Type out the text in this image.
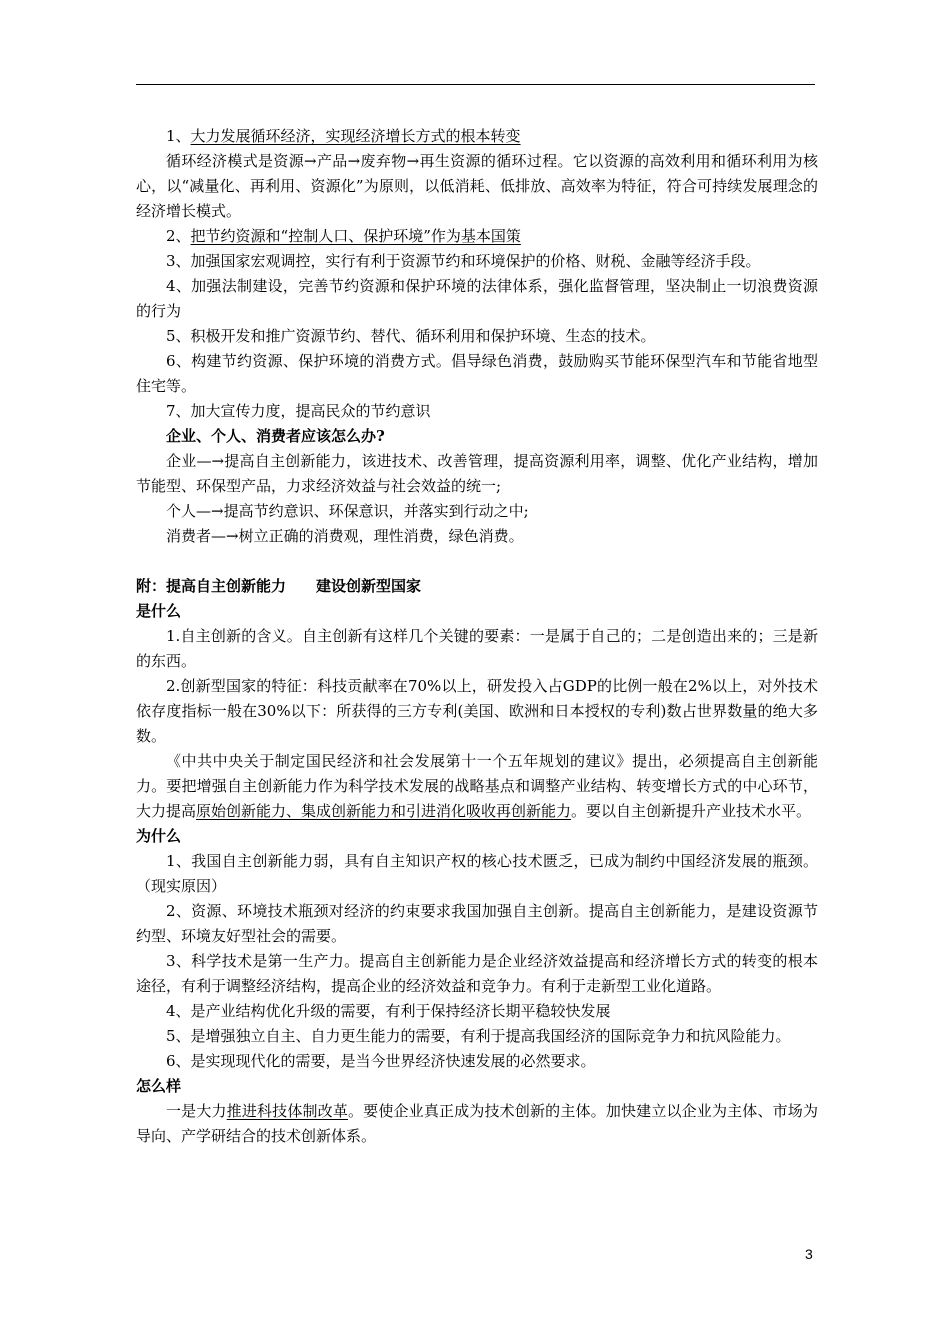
1、大力发展循环经济，实现经济增长方式的根本转变

循环经济模式是资源→产品→废弃物→再生资源的循环过程。它以资源的高效利用和循环利用为核心，以“减量化、再利用、资源化”为原则，以低消耗、低排放、高效率为特征，符合可持续发展理念的经济增长模式。

2、把节约资源和“控制人口、保护环境”作为基本国策

3、加强国家宏观调控，实行有利于资源节约和环境保护的价格、财税、金融等经济手段。

4、加强法制建设，完善节约资源和保护环境的法律体系，强化监督管理，坚决制止一切浪费资源的行为

5、积极开发和推广资源节约、替代、循环利用和保护环境、生态的技术。

6、构建节约资源、保护环境的消费方式。倡导绿色消费，鼓励购买节能环保型汽车和节能省地型住宅等。

7、加大宣传力度，提高民众的节约意识

企业、个人、消费者应该怎么办?

企业—→提高自主创新能力，该进技术、改善管理，提高资源利用率，调整、优化产业结构，增加节能型、环保型产品，力求经济效益与社会效益的统一;

个人—→提高节约意识、环保意识，并落实到行动之中;

消费者—→树立正确的消费观，理性消费，绿色消费。

附：提高自主创新能力　　建设创新型国家

是什么

1.自主创新的含义。自主创新有这样几个关键的要素：一是属于自己的；二是创造出来的；三是新的东西。

2.创新型国家的特征：科技贡献率在70%以上，研发投入占GDP的比例一般在2%以上，对外技术依存度指标一般在30%以下：所获得的三方专利(美国、欧洲和日本授权的专利)数占世界数量的绝大多数。

《中共中央关于制定国民经济和社会发展第十一个五年规划的建议》提出，必须提高自主创新能力。要把增强自主创新能力作为科学技术发展的战略基点和调整产业结构、转变增长方式的中心环节，大力提高原始创新能力、集成创新能力和引进消化吸收再创新能力。要以自主创新提升产业技术水平。

为什么

1、我国自主创新能力弱，具有自主知识产权的核心技术匮乏，已成为制约中国经济发展的瓶颈。（现实原因）

2、资源、环境技术瓶颈对经济的约束要求我国加强自主创新。提高自主创新能力，是建设资源节约型、环境友好型社会的需要。

3、科学技术是第一生产力。提高自主创新能力是企业经济效益提高和经济增长方式的转变的根本途径，有利于调整经济结构，提高企业的经济效益和竞争力。有利于走新型工业化道路。

4、是产业结构优化升级的需要，有利于保持经济长期平稳较快发展

5、是增强独立自主、自力更生能力的需要，有利于提高我国经济的国际竞争力和抗风险能力。

6、是实现现代化的需要，是当今世界经济快速发展的必然要求。

怎么样

一是大力推进科技体制改革。要使企业真正成为技术创新的主体。加快建立以企业为主体、市场为导向、产学研结合的技术创新体系。

3
